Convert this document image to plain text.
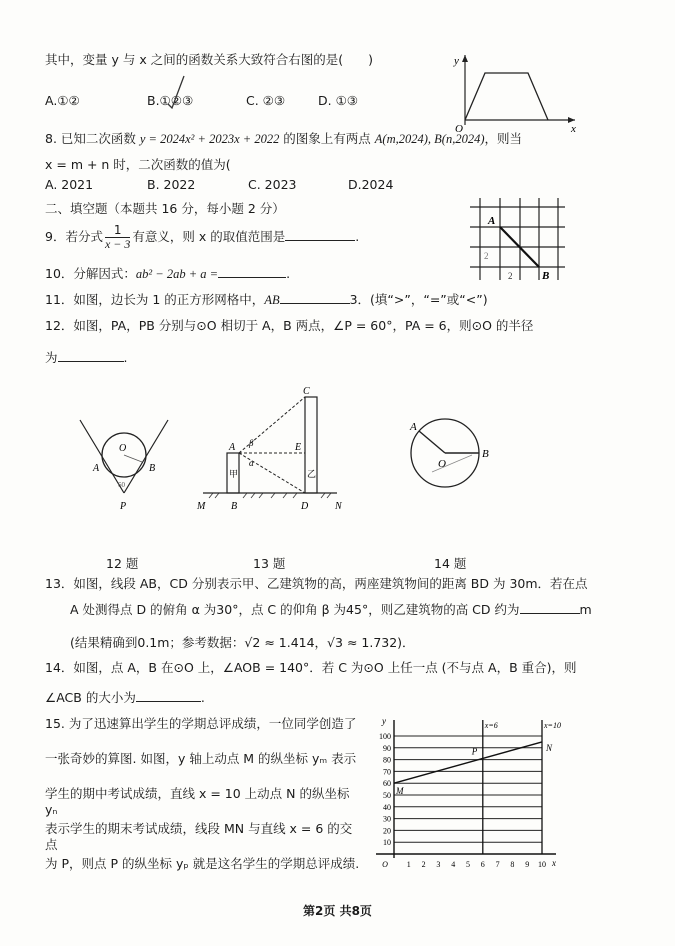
其中，变量 y 与 x 之间的函数关系大致符合右图的是(　　)
A.①②	B.①②③	C. ②③	D. ①③
y
x
O
8. 已知二次函数 y = 2024x² + 2023x + 2022 的图象上有两点 A(m,2024), B(n,2024)，则当
x = m + n 时，二次函数的值为(
A. 2021	B. 2022	C. 2023	D.2024
二、填空题（本题共 16 分，每小题 2 分）
9．若分式 $\frac{1}{x - 3}$ 有意义，则 x 的取值范围是	.
10．分解因式：ab² − 2ab + a =	.
A
B
2
2
11．如图，边长为 1 的正方形网格中，AB	3．(填“>”，“=”或“<”)
12．如图，PA，PB 分别与⊙O 相切于 A，B 两点，∠P = 60°，PA = 6，则⊙O 的半径
为	.
O
A	B
P
60
C
A	E
M	B	D	N
甲	乙
α
β
A
B
O
12 题	13 题	14 题
13．如图，线段 AB，CD 分别表示甲、乙建筑物的高，两座建筑物间的距离 BD 为 30m．若在点
A 处测得点 D 的俯角 α 为30°，点 C 的仰角 β 为45°，则乙建筑物的高 CD 约为	m
(结果精确到0.1m；参考数据：√2 ≈ 1.414，√3 ≈ 1.732)．
14．如图，点 A，B 在⊙O 上，∠AOB = 140°．若 C 为⊙O 上任一点 (不与点 A，B 重合)，则
∠ACB 的大小为	.
15. 为了迅速算出学生的学期总评成绩，一位同学创造了
一张奇妙的算图. 如图，y 轴上动点 M 的纵坐标 yₘ 表示
学生的期中考试成绩，直线 x = 10 上动点 N 的纵坐标 yₙ
表示学生的期末考试成绩，线段 MN 与直线 x = 6 的交点
为 P，则点 P 的纵坐标 yₚ 就是这名学生的学期总评成绩.
10
20
30
40
50
60
70
80
90
100
y
x
O 1 2 3 4 5 6 7 8 9 10
x=6	x=10
M
P	N
第2页 共8页
